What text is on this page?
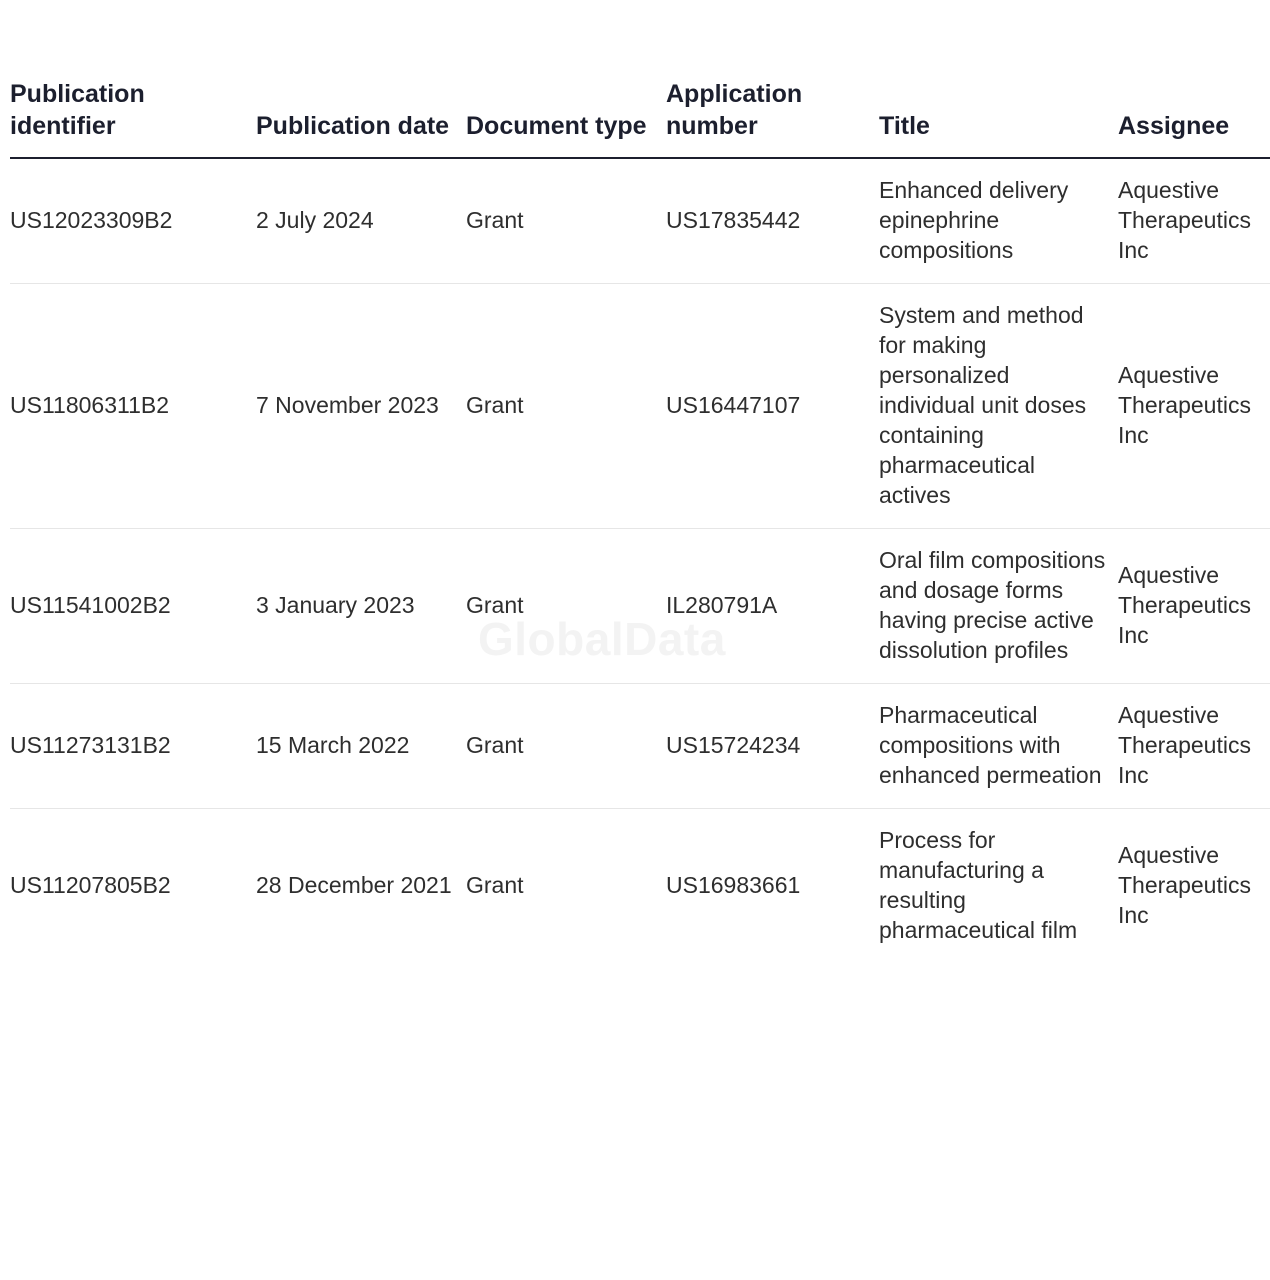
GlobalData
Publication identifier	Publication date	Document type	Application number	Title	Assignee
US12023309B2	2 July 2024	Grant	US17835442	Enhanced delivery epinephrine compositions	Aquestive Therapeutics Inc
US11806311B2	7 November 2023	Grant	US16447107	System and method for making personalized individual unit doses containing pharmaceutical actives	Aquestive Therapeutics Inc
US11541002B2	3 January 2023	Grant	IL280791A	Oral film compositions and dosage forms having precise active dissolution profiles	Aquestive Therapeutics Inc
US11273131B2	15 March 2022	Grant	US15724234	Pharmaceutical compositions with enhanced permeation	Aquestive Therapeutics Inc
US11207805B2	28 December 2021	Grant	US16983661	Process for manufacturing a resulting pharmaceutical film	Aquestive Therapeutics Inc
